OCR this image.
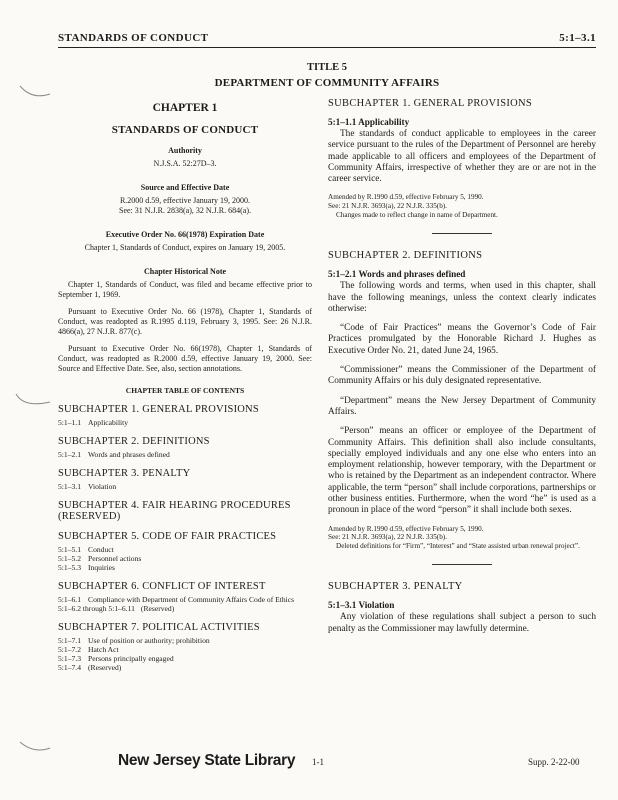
STANDARDS OF CONDUCT	5:1–3.1
TITLE 5
DEPARTMENT OF COMMUNITY AFFAIRS
CHAPTER 1
STANDARDS OF CONDUCT
Authority
N.J.S.A. 52:27D–3.
Source and Effective Date
R.2000 d.59, effective January 19, 2000.
See: 31 N.J.R. 2838(a), 32 N.J.R. 684(a).
Executive Order No. 66(1978) Expiration Date
Chapter 1, Standards of Conduct, expires on January 19, 2005.
Chapter Historical Note

Chapter 1, Standards of Conduct, was filed and became effective prior to September 1, 1969.

Pursuant to Executive Order No. 66 (1978), Chapter 1, Standards of Conduct, was readopted as R.1995 d.119, February 3, 1995. See: 26 N.J.R. 4866(a), 27 N.J.R. 877(c).

Pursuant to Executive Order No. 66(1978), Chapter 1, Standards of Conduct, was readopted as R.2000 d.59, effective January 19, 2000. See: Source and Effective Date. See, also, section annotations.

CHAPTER TABLE OF CONTENTS
SUBCHAPTER 1. GENERAL PROVISIONS
5:1–1.1 Applicability
SUBCHAPTER 2. DEFINITIONS
5:1–2.1 Words and phrases defined
SUBCHAPTER 3. PENALTY
5:1–3.1 Violation
SUBCHAPTER 4. FAIR HEARING PROCEDURES (RESERVED)
SUBCHAPTER 5. CODE OF FAIR PRACTICES
5:1–5.1 Conduct
5:1–5.2 Personnel actions
5:1–5.3 Inquiries
SUBCHAPTER 6. CONFLICT OF INTEREST
5:1–6.1 Compliance with Department of Community Affairs Code of Ethics
5:1–6.2 through 5:1–6.11 (Reserved)
SUBCHAPTER 7. POLITICAL ACTIVITIES
5:1–7.1 Use of position or authority; prohibition
5:1–7.2 Hatch Act
5:1–7.3 Persons principally engaged
5:1–7.4 (Reserved)
SUBCHAPTER 1. GENERAL PROVISIONS
5:1–1.1 Applicability

The standards of conduct applicable to employees in the career service pursuant to the rules of the Department of Personnel are hereby made applicable to all officers and employees of the Department of Community Affairs, irrespective of whether they are or are not in the career service.

Amended by R.1990 d.59, effective February 5, 1990.

See: 21 N.J.R. 3693(a), 22 N.J.R. 335(b).

Changes made to reflect change in name of Department.

SUBCHAPTER 2. DEFINITIONS
5:1–2.1 Words and phrases defined

The following words and terms, when used in this chapter, shall have the following meanings, unless the context clearly indicates otherwise:

“Code of Fair Practices” means the Governor’s Code of Fair Practices promulgated by the Honorable Richard J. Hughes as Executive Order No. 21, dated June 24, 1965.

“Commissioner” means the Commissioner of the Department of Community Affairs or his duly designated representative.

“Department” means the New Jersey Department of Community Affairs.

“Person” means an officer or employee of the Department of Community Affairs. This definition shall also include consultants, specially employed individuals and any one else who enters into an employment relationship, however temporary, with the Department or who is retained by the Department as an independent contractor. Where applicable, the term “person” shall include corporations, partnerships or other business entities. Furthermore, when the word “he” is used as a pronoun in place of the word “person” it shall include both sexes.

Amended by R.1990 d.59, effective February 5, 1990.

See: 21 N.J.R. 3693(a), 22 N.J.R. 335(b).

Deleted definitions for “Firm”, “Interest” and “State assisted urban renewal project”.

SUBCHAPTER 3. PENALTY
5:1–3.1 Violation

Any violation of these regulations shall subject a person to such penalty as the Commissioner may lawfully determine.

New Jersey State Library 1-1	Supp. 2-22-00
